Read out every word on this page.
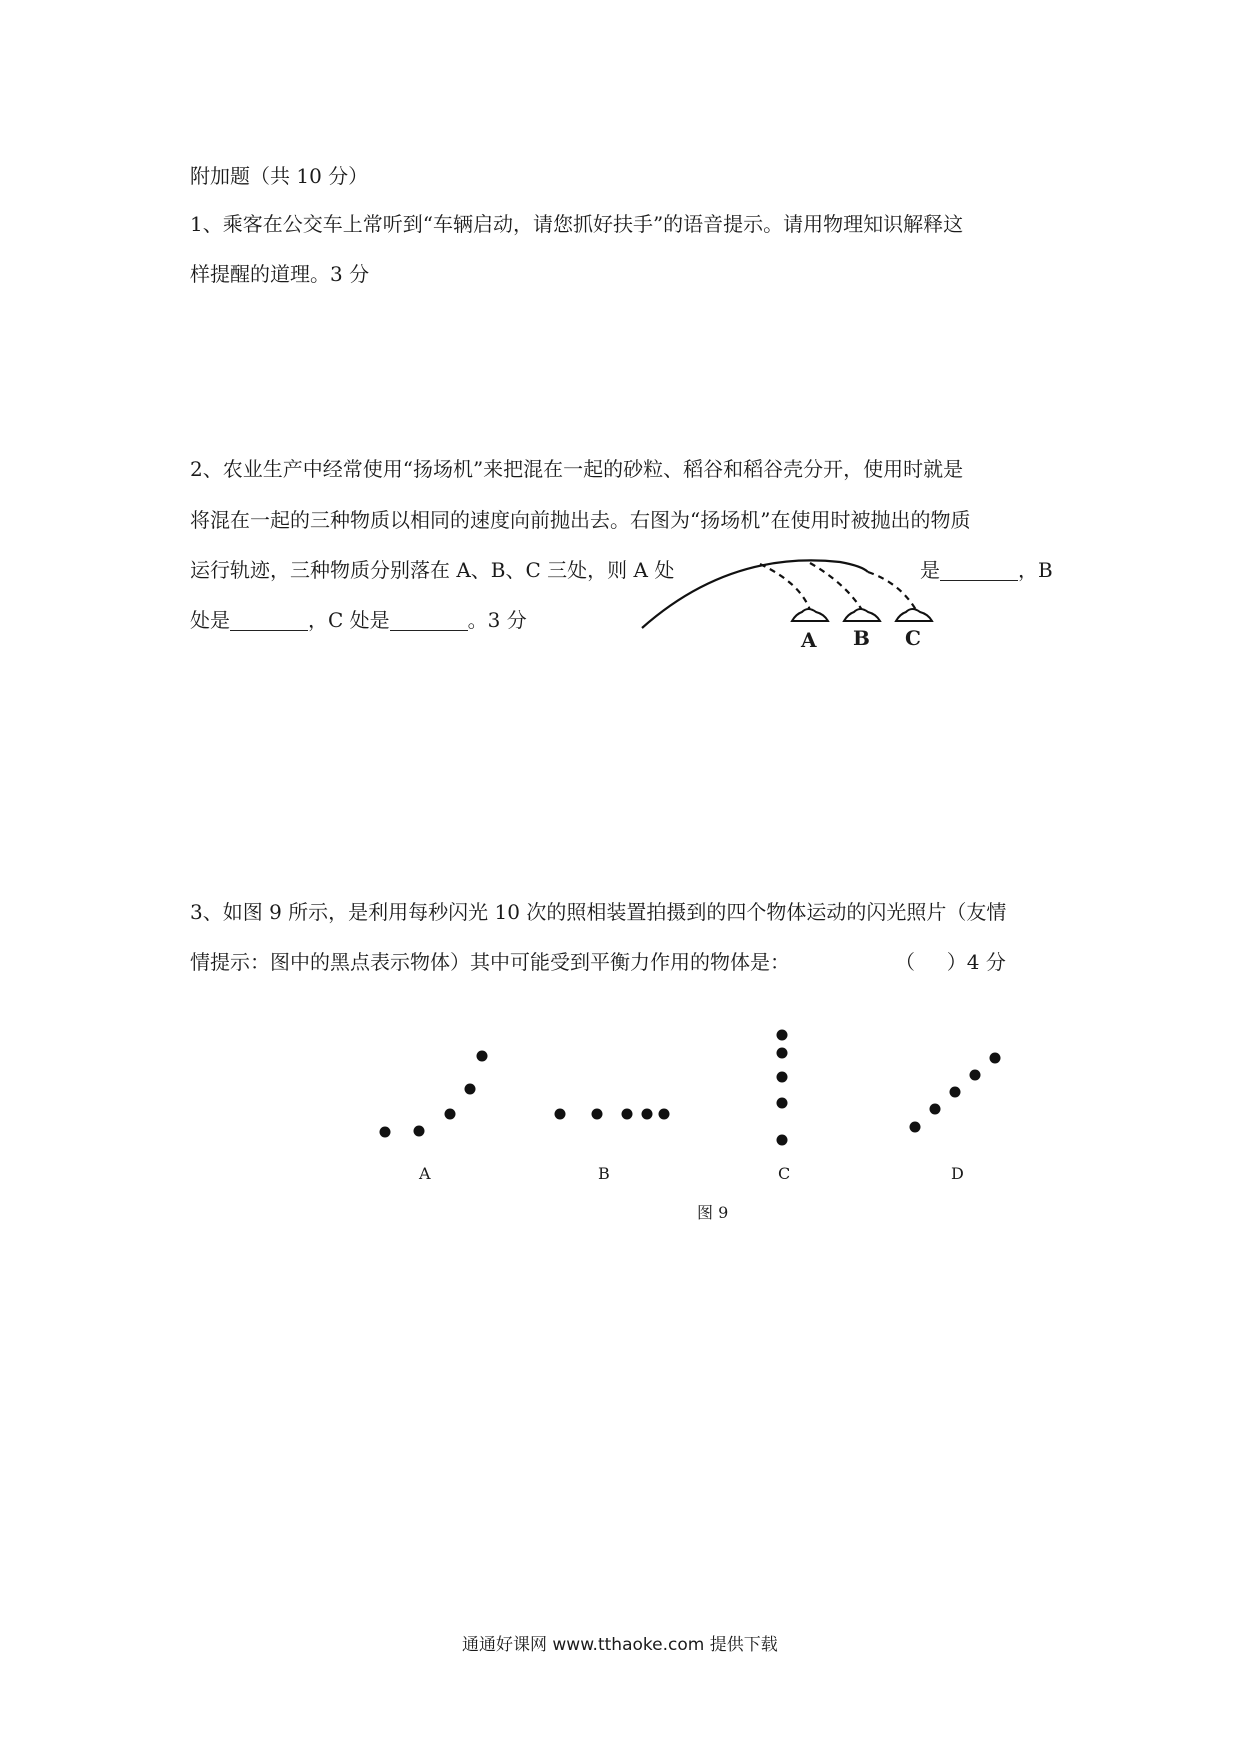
附加题（共 10 分）
1、乘客在公交车上常听到“车辆启动，请您抓好扶手”的语音提示。请用物理知识解释这
样提醒的道理。3 分
2、农业生产中经常使用“扬场机”来把混在一起的砂粒、稻谷和稻谷壳分开，使用时就是
将混在一起的三种物质以相同的速度向前抛出去。右图为“扬场机”在使用时被抛出的物质
运行轨迹，三种物质分别落在 A、B、C 三处，则 A 处	是	，B
处是	，C 处是	。3 分
A B C
3、如图 9 所示，是利用每秒闪光 10 次的照相装置拍摄到的四个物体运动的闪光照片（友情
情提示：图中的黑点表示物体）其中可能受到平衡力作用的物体是：	（     ）4 分
A	B	C	D
图 9
通通好课网 www.tthaoke.com 提供下载
